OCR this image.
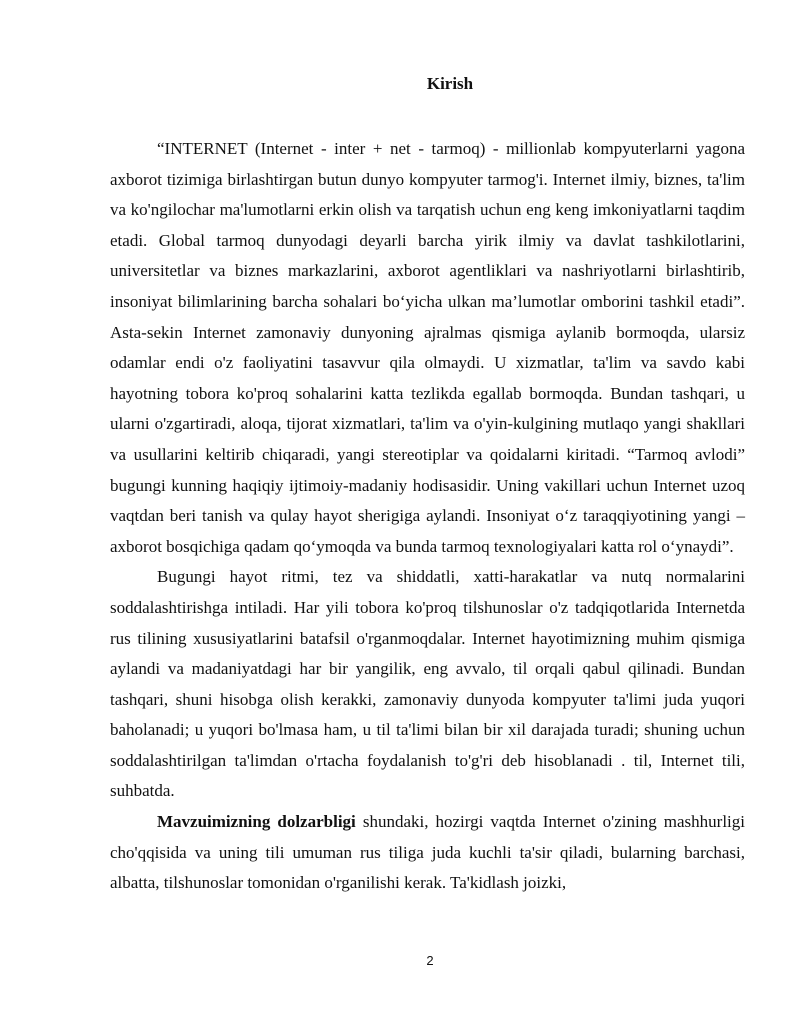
Kirish

“INTERNET (Internet - inter + net - tarmoq) - millionlab kompyuterlarni yagona axborot tizimiga birlashtirgan butun dunyo kompyuter tarmog'i. Internet ilmiy, biznes, ta'lim va ko'ngilochar ma'lumotlarni erkin olish va tarqatish uchun eng keng imkoniyatlarni taqdim etadi. Global tarmoq dunyodagi deyarli barcha yirik ilmiy va davlat tashkilotlarini, universitetlar va biznes markazlarini, axborot agentliklari va nashriyotlarni birlashtirib, insoniyat bilimlarining barcha sohalari bo‘yicha ulkan ma’lumotlar omborini tashkil etadi”. Asta-sekin Internet zamonaviy dunyoning ajralmas qismiga aylanib bormoqda, ularsiz odamlar endi o'z faoliyatini tasavvur qila olmaydi. U xizmatlar, ta'lim va savdo kabi hayotning tobora ko'proq sohalarini katta tezlikda egallab bormoqda. Bundan tashqari, u ularni o'zgartiradi, aloqa, tijorat xizmatlari, ta'lim va o'yin-kulgining mutlaqo yangi shakllari va usullarini keltirib chiqaradi, yangi stereotiplar va qoidalarni kiritadi. “Tarmoq avlodi” bugungi kunning haqiqiy ijtimoiy-madaniy hodisasidir. Uning vakillari uchun Internet uzoq vaqtdan beri tanish va qulay hayot sherigiga aylandi. Insoniyat o‘z taraqqiyotining yangi – axborot bosqichiga qadam qo‘ymoqda va bunda tarmoq texnologiyalari katta rol o‘ynaydi”.

Bugungi hayot ritmi, tez va shiddatli, xatti-harakatlar va nutq normalarini soddalashtirishga intiladi. Har yili tobora ko'proq tilshunoslar o'z tadqiqotlarida Internetda rus tilining xususiyatlarini batafsil o'rganmoqdalar. Internet hayotimizning muhim qismiga aylandi va madaniyatdagi har bir yangilik, eng avvalo, til orqali qabul qilinadi. Bundan tashqari, shuni hisobga olish kerakki, zamonaviy dunyoda kompyuter ta'limi juda yuqori baholanadi; u yuqori bo'lmasa ham, u til ta'limi bilan bir xil darajada turadi; shuning uchun soddalashtirilgan ta'limdan o'rtacha foydalanish to'g'ri deb hisoblanadi . til, Internet tili, suhbatda.

Mavzuimizning dolzarbligi shundaki, hozirgi vaqtda Internet o'zining mashhurligi cho'qqisida va uning tili umuman rus tiliga juda kuchli ta'sir qiladi, bularning barchasi, albatta, tilshunoslar tomonidan o'rganilishi kerak. Ta'kidlash joizki,

2
